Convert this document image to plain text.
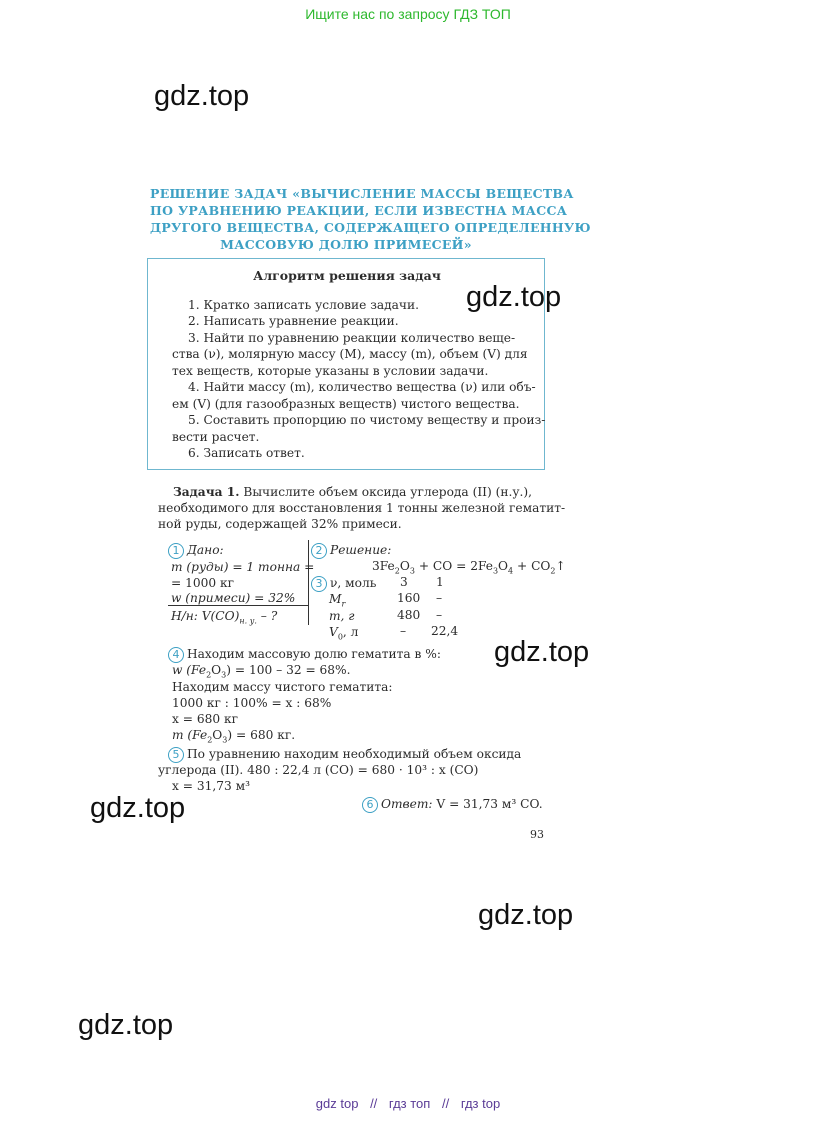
Ищите нас по запросу ГДЗ ТОП
gdz.top
gdz.top
gdz.top
gdz.top
gdz.top
gdz.top
РЕШЕНИЕ ЗАДАЧ «ВЫЧИСЛЕНИЕ МАССЫ ВЕЩЕСТВА
ПО УРАВНЕНИЮ РЕАКЦИИ, ЕСЛИ ИЗВЕСТНА МАССА
ДРУГОГО ВЕЩЕСТВА, СОДЕРЖАЩЕГО ОПРЕДЕЛЕННУЮ
МАССОВУЮ ДОЛЮ ПРИМЕСЕЙ»
Алгоритм решения задач
1. Кратко записать условие задачи.
2. Написать уравнение реакции.
3. Найти по уравнению реакции количество веще-
ства (ν), молярную массу (M), массу (m), объем (V) для
тех веществ, которые указаны в условии задачи.
4. Найти массу (m), количество вещества (ν) или объ-
ем (V) (для газообразных веществ) чистого вещества.
5. Составить пропорцию по чистому веществу и произ-
вести расчет.
6. Записать ответ.
Задача 1. Вычислите объем оксида углерода (II) (н.у.),
необходимого для восстановления 1 тонны железной гематит-
ной руды, содержащей 32% примеси.
1 Дано:
m (руды) = 1 тонна =
= 1000 кг
w (примеси) = 32%
Н/н: $V(CO)_{н. у.}$ – ?
2 Решение:
$3Fe_2O_3$ + CO = $2Fe_3O_4$ + $CO_2↑$
3 ν, моль 3 1
$M_r$	160 –
m, г	480 –
$V_0$, л	– 22,4
4 Находим массовую долю гематита в %:
w $(Fe_2O_3) = 100 - 32 = 68\%$.
Находим массу чистого гематита:
1000 кг : 100% = x : 68%
x = 680 кг
m $(Fe_2O_3) = 680$ кг.
5 По уравнению находим необходимый объем оксида
углерода (II). 480 : 22,4 л (CO) = 680 · 10³ : x (CO)
x = 31,73 м³
6 Ответ: V = 31,73 м³ CO.
93
gdz top // гдз топ // гдз top
